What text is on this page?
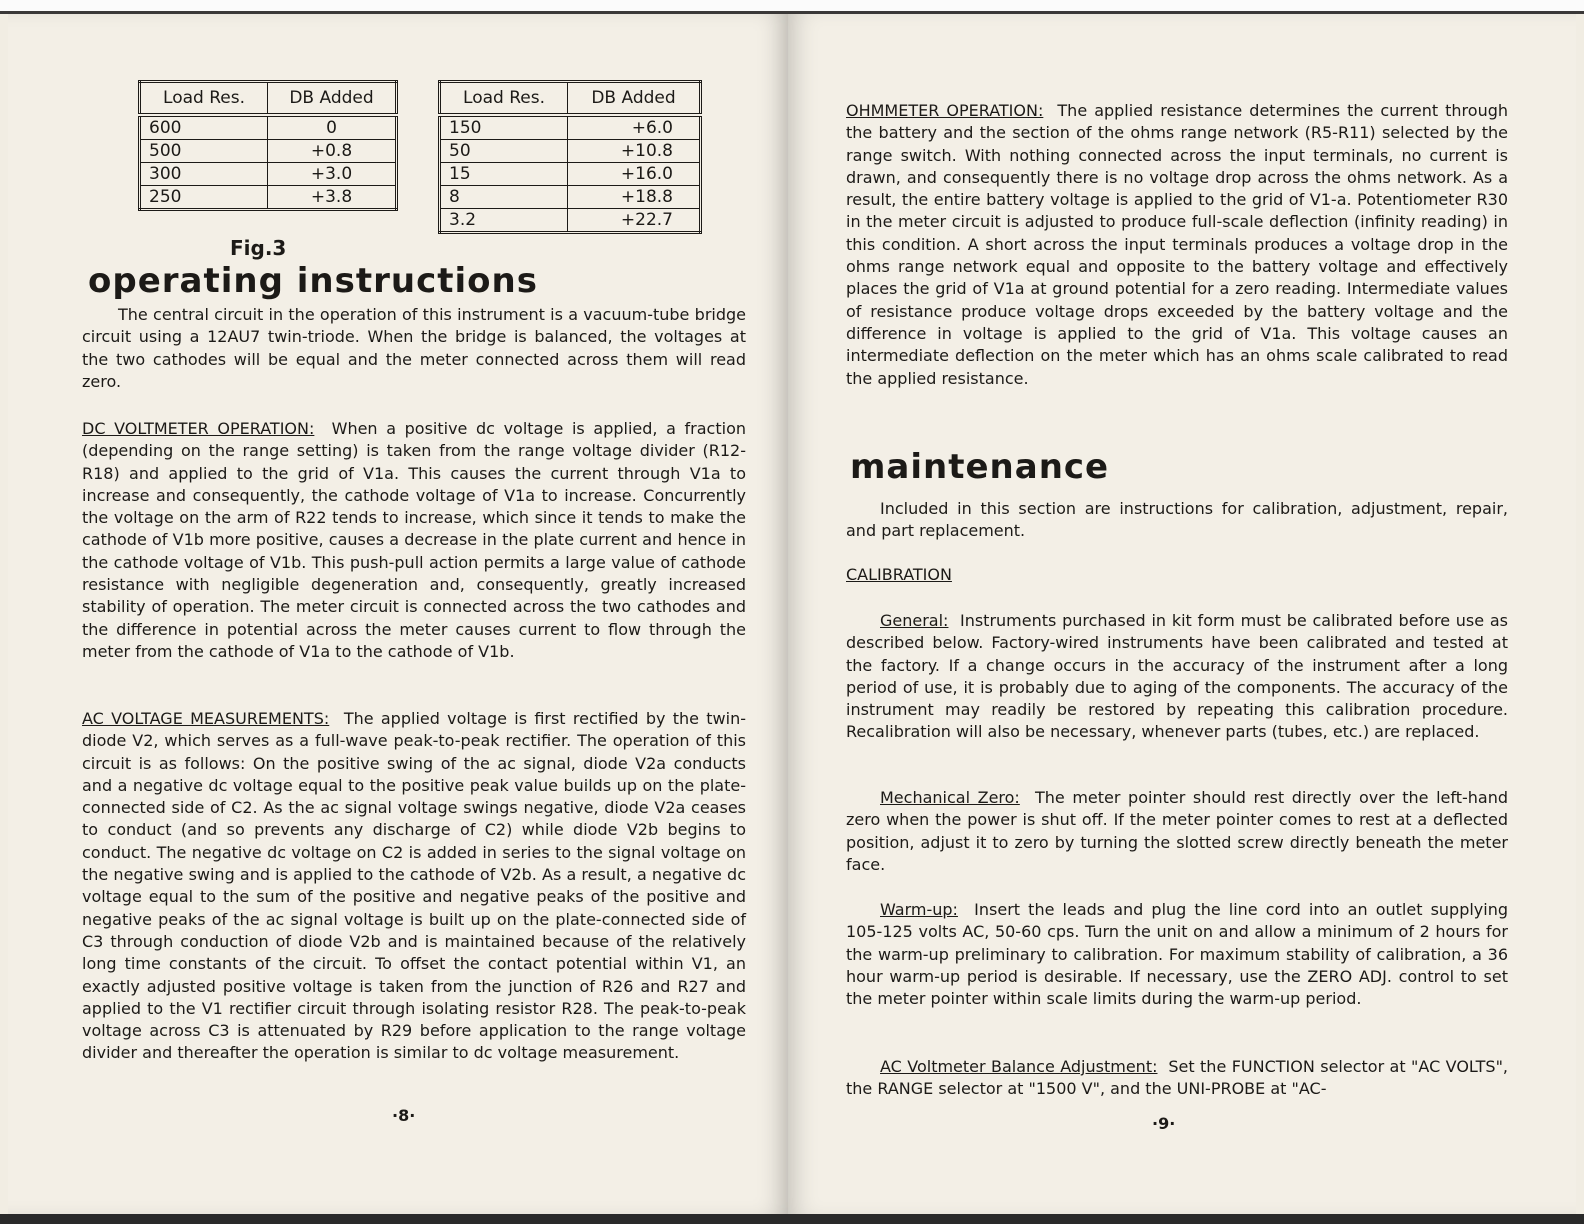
Load Res.	DB Added
600	0
500	+0.8
300	+3.0
250	+3.8
Fig.3
Load Res.	DB Added
150	+6.0
50	+10.8
15	+16.0
8	+18.8
3.2	+22.7
operating instructions

The central circuit in the operation of this instrument is a vacuum-tube bridge circuit using a 12AU7 twin-triode. When the bridge is balanced, the voltages at the two cathodes will be equal and the meter connected across them will read zero.

DC VOLTMETER OPERATION: When a positive dc voltage is applied, a fraction (depending on the range setting) is taken from the range voltage divider (R12-R18) and applied to the grid of V1a. This causes the current through V1a to increase and consequently, the cathode voltage of V1a to increase. Concurrently the voltage on the arm of R22 tends to increase, which since it tends to make the cathode of V1b more positive, causes a decrease in the plate current and hence in the cathode voltage of V1b. This push-pull action permits a large value of cathode resistance with negligible degeneration and, consequently, greatly increased stability of operation. The meter circuit is connected across the two cathodes and the difference in potential across the meter causes current to flow through the meter from the cathode of V1a to the cathode of V1b.

AC VOLTAGE MEASUREMENTS: The applied voltage is first rectified by the twin-diode V2, which serves as a full-wave peak-to-peak rectifier. The operation of this circuit is as follows: On the positive swing of the ac signal, diode V2a conducts and a negative dc voltage equal to the positive peak value builds up on the plate-connected side of C2. As the ac signal voltage swings negative, diode V2a ceases to conduct (and so prevents any discharge of C2) while diode V2b begins to conduct. The negative dc voltage on C2 is added in series to the signal voltage on the negative swing and is applied to the cathode of V2b. As a result, a negative dc voltage equal to the sum of the positive and negative peaks of the positive and negative peaks of the ac signal voltage is built up on the plate-connected side of C3 through conduction of diode V2b and is maintained because of the relatively long time constants of the circuit. To offset the contact potential within V1, an exactly adjusted positive voltage is taken from the junction of R26 and R27 and applied to the V1 rectifier circuit through isolating resistor R28. The peak-to-peak voltage across C3 is attenuated by R29 before application to the range voltage divider and thereafter the operation is similar to dc voltage measurement.

·8·

OHMMETER OPERATION: The applied resistance determines the current through the battery and the section of the ohms range network (R5-R11) selected by the range switch. With nothing connected across the input terminals, no current is drawn, and consequently there is no voltage drop across the ohms network. As a result, the entire battery voltage is applied to the grid of V1-a. Potentiometer R30 in the meter circuit is adjusted to produce full-scale deflection (infinity reading) in this condition. A short across the input terminals produces a voltage drop in the ohms range network equal and opposite to the battery voltage and effectively places the grid of V1a at ground potential for a zero reading. Intermediate values of resistance produce voltage drops exceeded by the battery voltage and the difference in voltage is applied to the grid of V1a. This voltage causes an intermediate deflection on the meter which has an ohms scale calibrated to read the applied resistance.

maintenance

Included in this section are instructions for calibration, adjustment, repair, and part replacement.

CALIBRATION

General: Instruments purchased in kit form must be calibrated before use as described below. Factory-wired instruments have been calibrated and tested at the factory. If a change occurs in the accuracy of the instrument after a long period of use, it is probably due to aging of the components. The accuracy of the instrument may readily be restored by repeating this calibration procedure. Recalibration will also be necessary, whenever parts (tubes, etc.) are replaced.

Mechanical Zero: The meter pointer should rest directly over the left-hand zero when the power is shut off. If the meter pointer comes to rest at a deflected position, adjust it to zero by turning the slotted screw directly beneath the meter face.

Warm-up: Insert the leads and plug the line cord into an outlet supplying 105-125 volts AC, 50-60 cps. Turn the unit on and allow a minimum of 2 hours for the warm-up preliminary to calibration. For maximum stability of calibration, a 36 hour warm-up period is desirable. If necessary, use the ZERO ADJ. control to set the meter pointer within scale limits during the warm-up period.

AC Voltmeter Balance Adjustment: Set the FUNCTION selector at "AC VOLTS", the RANGE selector at "1500 V", and the UNI-PROBE at "AC-

·9·
